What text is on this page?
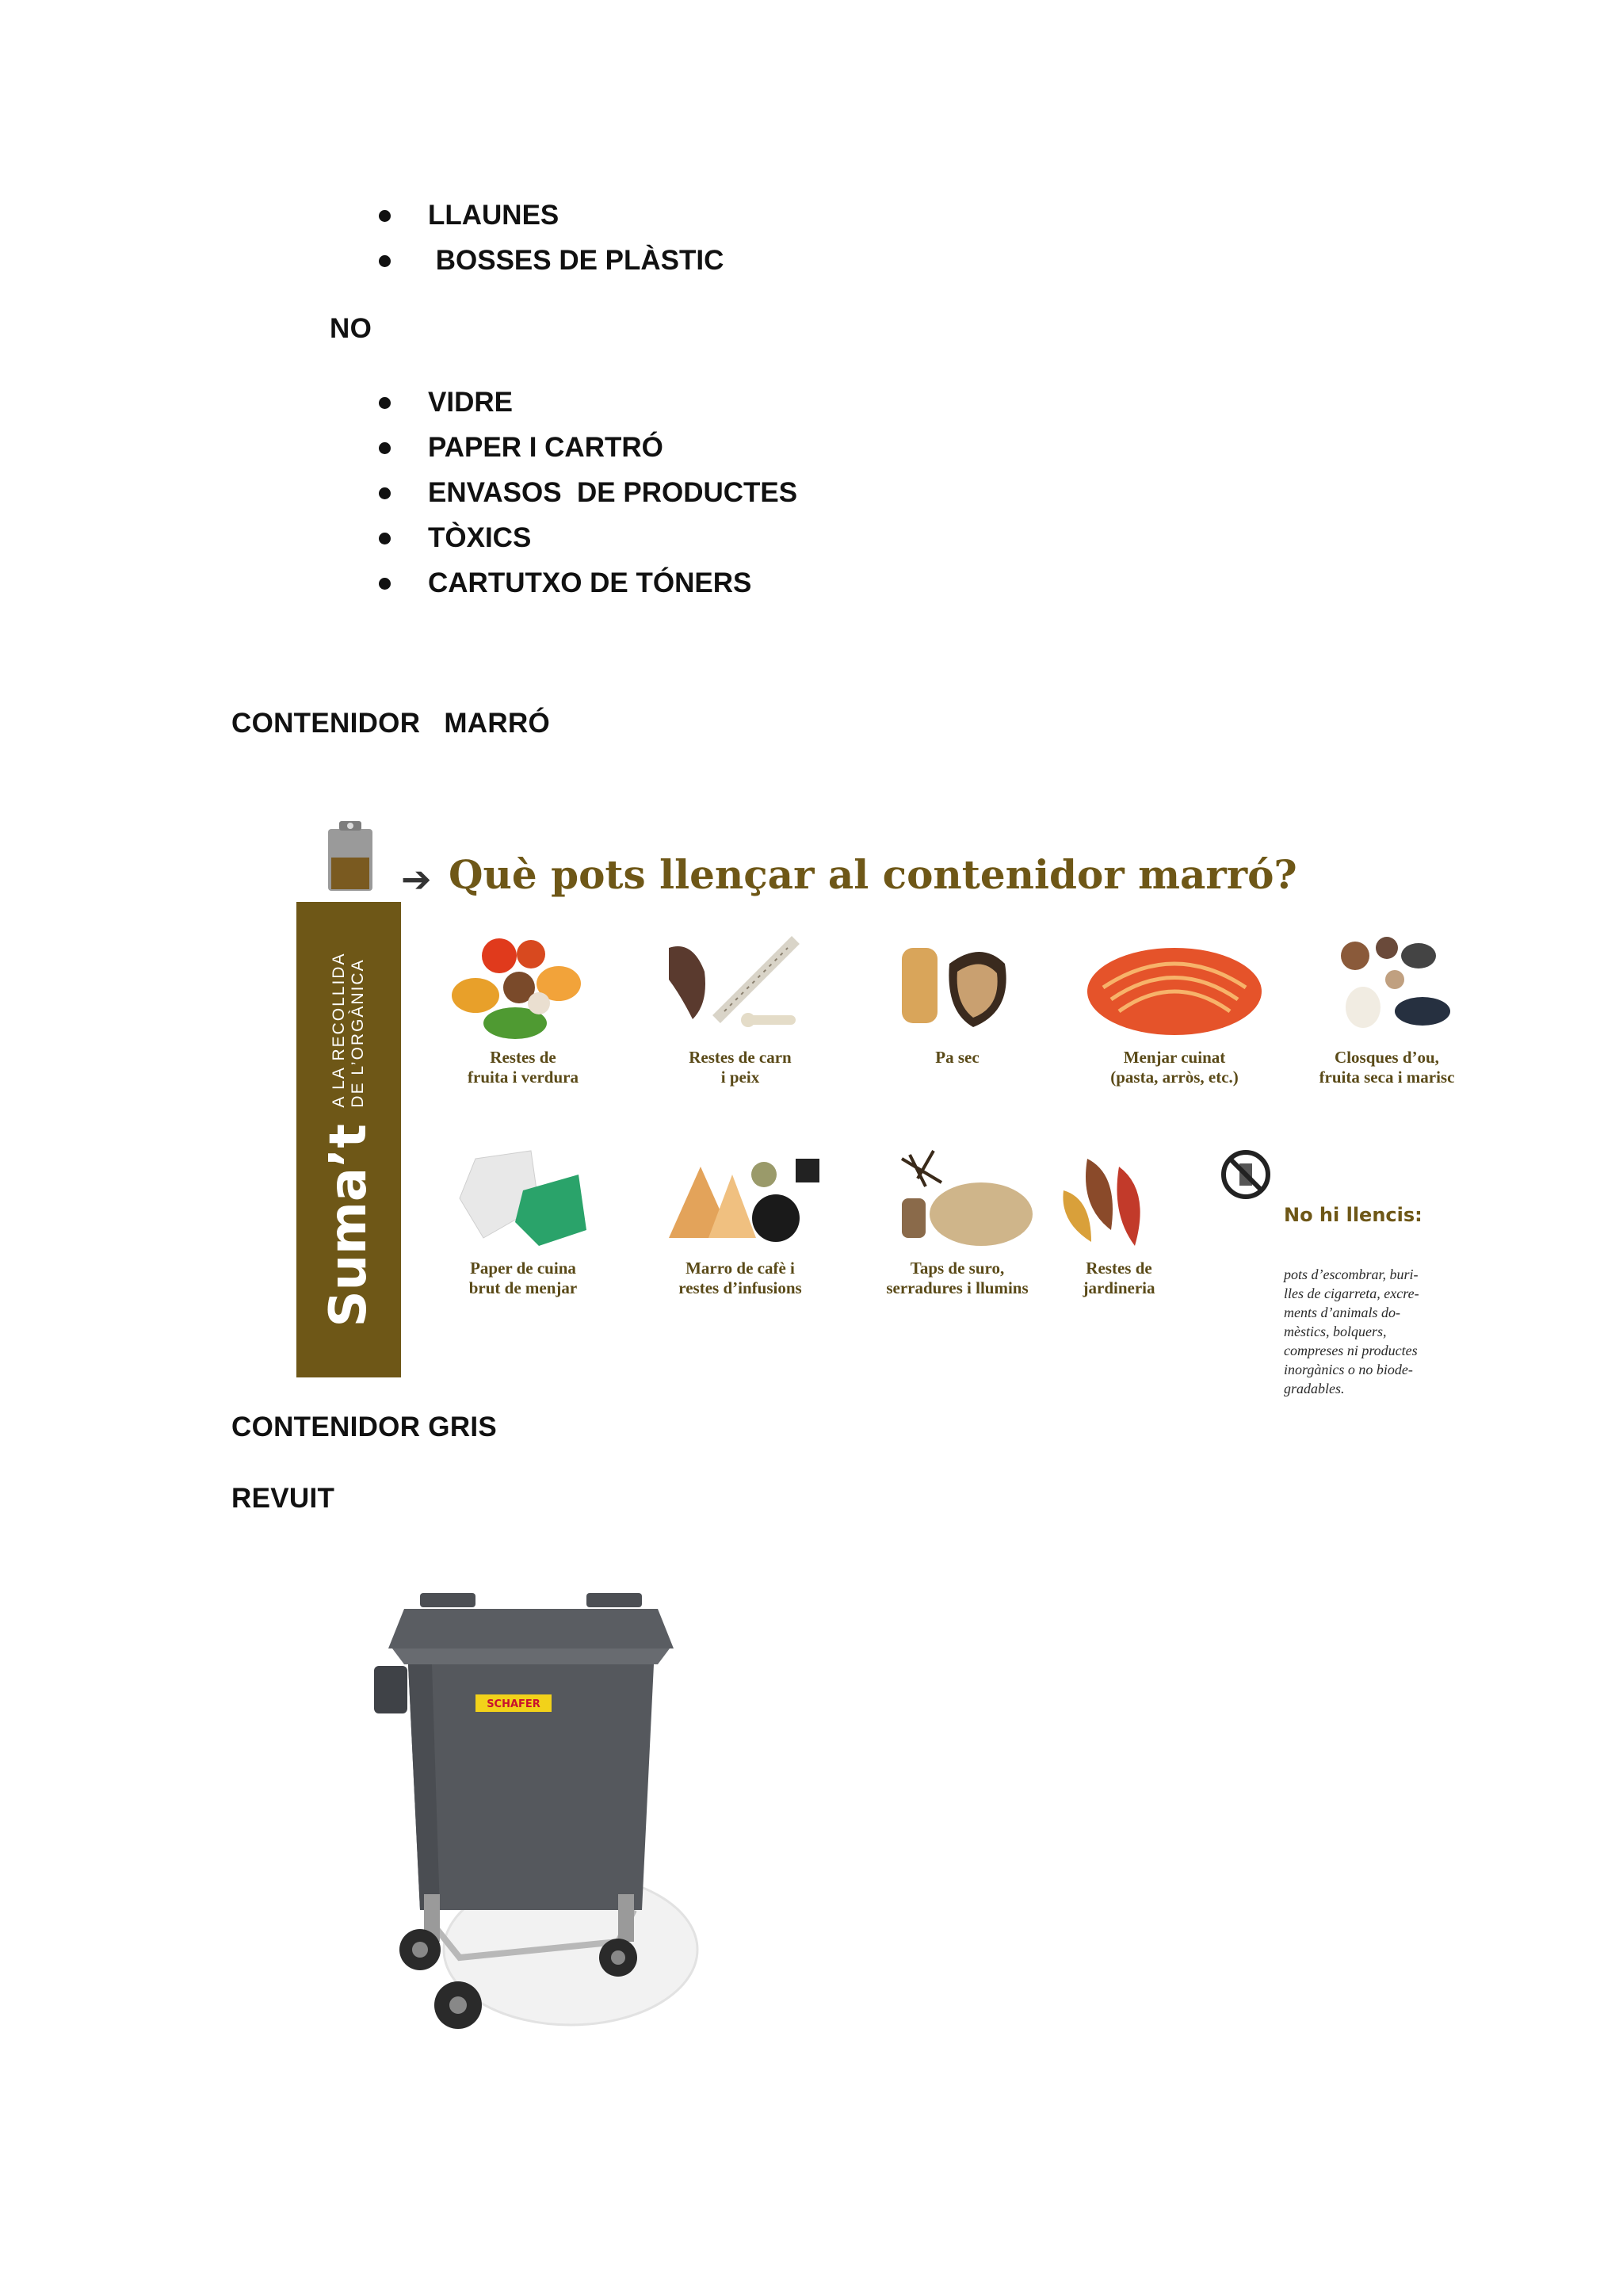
LLAUNES
BOSSES DE PLÀSTIC
NO
VIDRE
PAPER I CARTRÓ
ENVASOS  DE PRODUCTES
TÒXICS
CARTUTXO DE TÓNERS
CONTENIDOR   MARRÓ
Suma’t A LA RECOLLIDA
DE L’ORGÀNICA
➔ Què pots llençar al contenidor marró?
Restes de
fruita i verdura
Restes de carn
i peix
Pa sec	Menjar cuinat
(pasta, arròs, etc.)
Closques d’ou,
fruita seca i marisc
Paper de cuina
brut de menjar
Marro de cafè i
restes d’infusions
Taps de suro,
serradures i llumins
Restes de
jardineria

No hi llencis:

pots d’escombrar, buri-
lles de cigarreta, excre-
ments d’animals do-
mèstics, bolquers,
compreses ni productes
inorgànics o no biode-
gradables.

CONTENIDOR GRIS
REVUIT
SCHAFER
